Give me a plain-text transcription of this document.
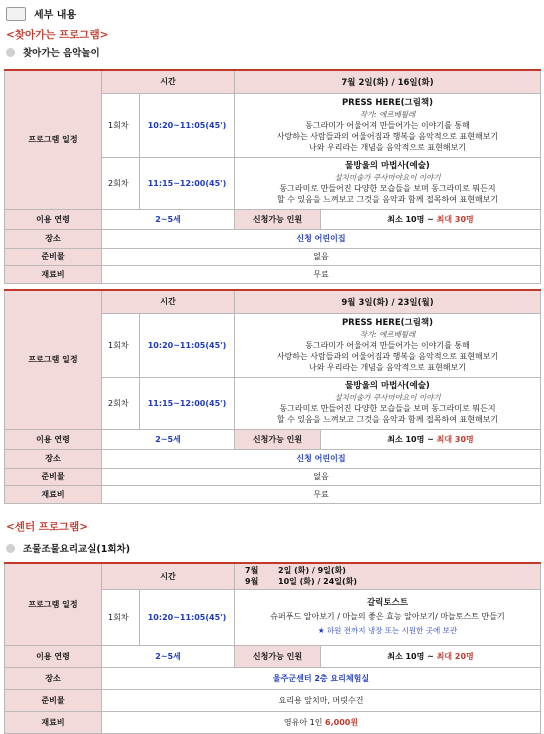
세부 내용
<찾아가는 프로그램>
찾아가는 음악놀이
프로그램 일정	시간		7월 2일(화) / 16일(화)
	1회차	10:20~11:05(45')	PRESS HERE(그림책)
작가: 에르베튈레
동그라미가 어울어져 만들어가는 이야기를 통해
사랑하는 사람들과의 어울어짐과 행복을 음악적으로 표현해보기
나와 우리라는 개념을 음악적으로 표현해보기

	2회차	11:15~12:00(45')	물방울의 마법사(예술)
설치미술가 쿠사마야요이 이야기
동그라미로 만들어진 다양한 모습들을 보며 동그라미로 뭐든지
할 수 있음을 느껴보고 그것을 음악과 함께 접목하여 표현해보기

이용 연령	2~5세		신청가능 인원 최소 10명 ~
최대 30명

장소	신청 어린이집		
준비물	없음		
재료비	무료		
프로그램 일정	시간		9월 3일(화) / 23일(월)
	1회차	10:20~11:05(45')	PRESS HERE(그림책)
작가: 에르베튈레
동그라미가 어울어져 만들어가는 이야기를 통해
사랑하는 사람들과의 어울어짐과 행복을 음악적으로 표현해보기
나와 우리라는 개념을 음악적으로 표현해보기

	2회차	11:15~12:00(45')	물방울의 마법사(예술)
설치미술가 쿠사마야요이 이야기
동그라미로 만들어진 다양한 모습들을 보며 동그라미로 뭐든지
할 수 있음을 느껴보고 그것을 음악과 함께 접목하여 표현해보기

이용 연령	2~5세		신청가능 인원 최소 10명 ~
최대 30명

장소	신청 어린이집		
준비물	없음		
재료비	무료		
<센터 프로그램>
조물조물요리교실(1회차)
프로그램 일정	시간		7월 2일 (화) / 9일(화)
9월 10일 (화) / 24일(화)

	1회차	10:20~11:05(45')	갈릭토스트
슈퍼푸드 알아보기 / 마늘의 좋은 효능 알아보기/ 마늘토스트 만들기
★ 하원 전까지 냉장 또는 시원한 곳에 보관

이용 연령	2~5세		신청가능 인원 최소 10명 ~
최대 20명

장소	울주군센터 2층 요리체험실		
준비물	요리용 앞치마, 머릿수건		
재료비	영유아 1인 6,000원		
